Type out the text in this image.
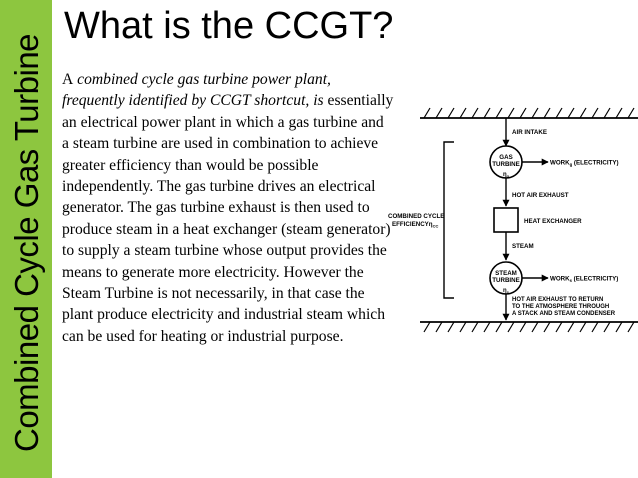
Combined Cycle Gas Turbine
What is the CCGT?
A combined cycle gas turbine power plant, frequently identified by CCGT shortcut, is essentially an electrical power plant in which a gas turbine and a steam turbine are used in combination to achieve greater efficiency than would be possible independently. The gas turbine drives an electrical generator. The gas turbine exhaust is then used to produce steam in a heat exchanger (steam generator) to supply a steam turbine whose output provides the means to generate more electricity. However the Steam Turbine is not necessarily, in that case the plant produce electricity and industrial steam which can be used for heating or industrial purpose.
GAS
TURBINE
$\eta_g$
STEAM
TURBINE
$\eta_s$
AIR INTAKE
$WORK_g$ (ELECTRICITY)
HOT AIR EXHAUST
HEAT EXCHANGER
STEAM
$WORK_s$ (ELECTRICITY)
HOT AIR EXHAUST TO RETURN
TO THE ATMOSPHERE THROUGH
A STACK AND STEAM CONDENSER
COMBINED CYCLE
EFFICIENCYη$_{CC}$
